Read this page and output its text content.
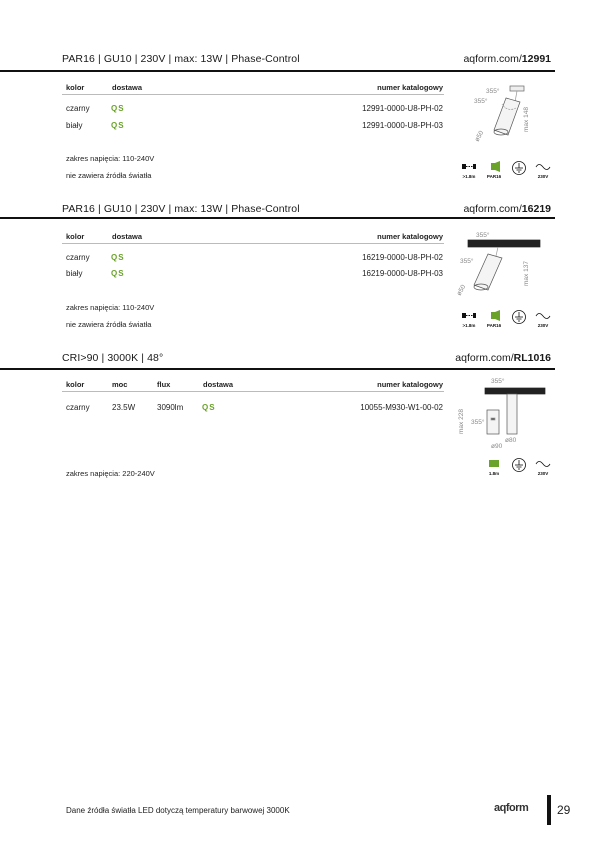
PAR16 | GU10 | 230V | max: 13W | Phase-Control	aqform.com/12991
kolor	dostawa	numer katalogowy
czarny	QS	12991-0000-U8-PH-02
biały	QS	12991-0000-U8-PH-03
zakres napięcia: 110-240V
nie zawiera źródła światła
355°
355°
max 148
ø50
>1.8m	PAR16	230V
PAR16 | GU10 | 230V | max: 13W | Phase-Control	aqform.com/16219
kolor	dostawa	numer katalogowy
czarny	QS	16219-0000-U8-PH-02
biały	QS	16219-0000-U8-PH-03
zakres napięcia: 110-240V
nie zawiera źródła światła
355°
355°	max 137
ø50
>1.8m	PAR16	230V
CRI>90 | 3000K | 48°	aqform.com/RL1016
kolor	moc	flux	dostawa	numer katalogowy
czarny	23.5W	3090lm QS	10055-M930-W1-00-02
zakres napięcia: 220-240V
355°
355°
max 228
ø90
ø80
1.8m	230V
Dane źródła światła LED dotyczą temperatury barwowej 3000K	aqform 29
